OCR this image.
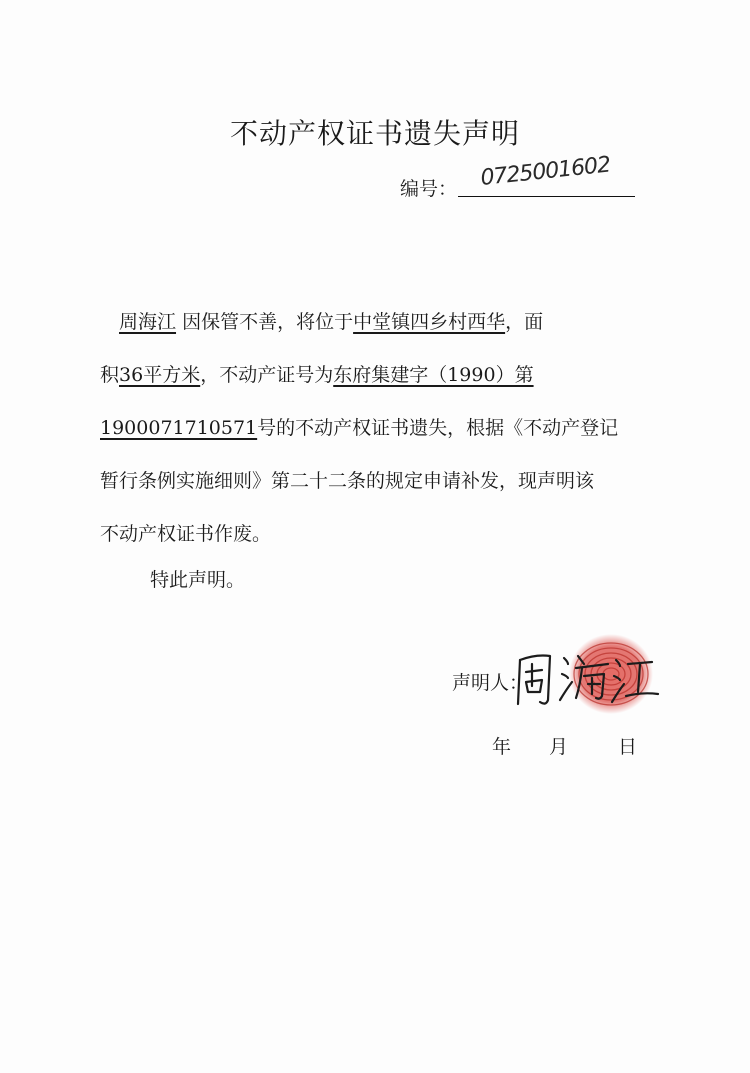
不动产权证书遗失声明
编号： 0725001602
　周海江 因保管不善，将位于中堂镇四乡村西华，面
积36平方米，不动产证号为东府集建字（1990）第
1900071710571号的不动产权证书遗失，根据《不动产登记
暂行条例实施细则》第二十二条的规定申请补发，现声明该
不动产权证书作废。
特此声明。
声明人：
年 月	日
